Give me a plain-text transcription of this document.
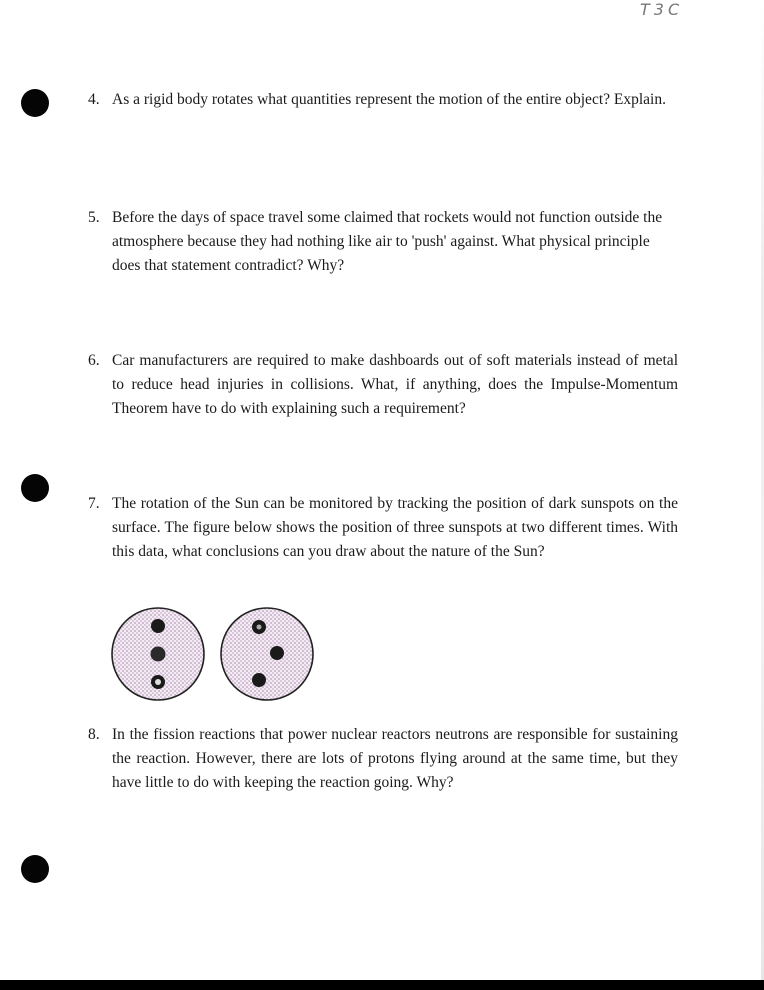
T3C
4. As a rigid body rotates what quantities represent the motion of the entire object? Explain.
5. Before the days of space travel some claimed that rockets would not function outside the atmosphere because they had nothing like air to 'push' against. What physical principle does that statement contradict? Why?
6. Car manufacturers are required to make dashboards out of soft materials instead of metal to reduce head injuries in collisions. What, if anything, does the Impulse-Momentum Theorem have to do with explaining such a requirement?
7. The rotation of the Sun can be monitored by tracking the position of dark sunspots on the surface. The figure below shows the position of three sunspots at two different times. With this data, what conclusions can you draw about the nature of the Sun?
8. In the fission reactions that power nuclear reactors neutrons are responsible for sustaining the reaction. However, there are lots of protons flying around at the same time, but they have little to do with keeping the reaction going. Why?
